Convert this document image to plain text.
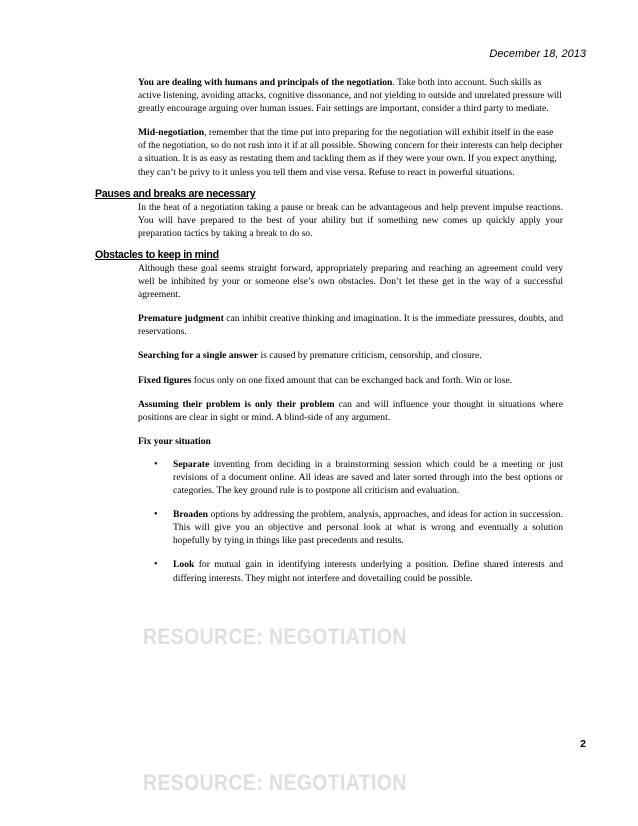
December 18, 2013

You are dealing with humans and principals of the negotiation. Take both into account. Such skills as active listening, avoiding attacks, cognitive dissonance, and not yielding to outside and unrelated pressure will greatly encourage arguing over human issues. Fair settings are important, consider a third party to mediate.

Mid-negotiation, remember that the time put into preparing for the negotiation will exhibit itself in the ease of the negotiation, so do not rush into it if at all possible. Showing concern for their interests can help decipher a situation. It is as easy as restating them and tackling them as if they were your own. If you expect anything, they can’t be privy to it unless you tell them and vise versa. Refuse to react in powerful situations.

Pauses and breaks are necessary

In the heat of a negotiation taking a pause or break can be advantageous and help prevent impulse reactions. You will have prepared to the best of your ability but if something new comes up quickly apply your preparation tactics by taking a break to do so.

Obstacles to keep in mind

Although these goal seems straight forward, appropriately preparing and reaching an agreement could very well be inhibited by your or someone else’s own obstacles. Don’t let these get in the way of a successful agreement.

Premature judgment can inhibit creative thinking and imagination. It is the immediate pressures, doubts, and reservations.

Searching for a single answer is caused by premature criticism, censorship, and closure.

Fixed figures focus only on one fixed amount that can be exchanged back and forth. Win or lose.

Assuming their problem is only their problem can and will influence your thought in situations where positions are clear in sight or mind. A blind-side of any argument.

Fix your situation

• Separate inventing from deciding in a brainstorming session which could be a meeting or just revisions of a document online. All ideas are saved and later sorted through into the best options or categories. The key ground rule is to postpone all criticism and evaluation.
• Broaden options by addressing the problem, analysis, approaches, and ideas for action in succession. This will give you an objective and personal look at what is wrong and eventually a solution hopefully by tying in things like past precedents and results.
• Look for mutual gain in identifying interests underlying a position. Define shared interests and differing interests. They might not interfere and dovetailing could be possible.
RESOURCE: NEGOTIATION
2
RESOURCE: NEGOTIATION
